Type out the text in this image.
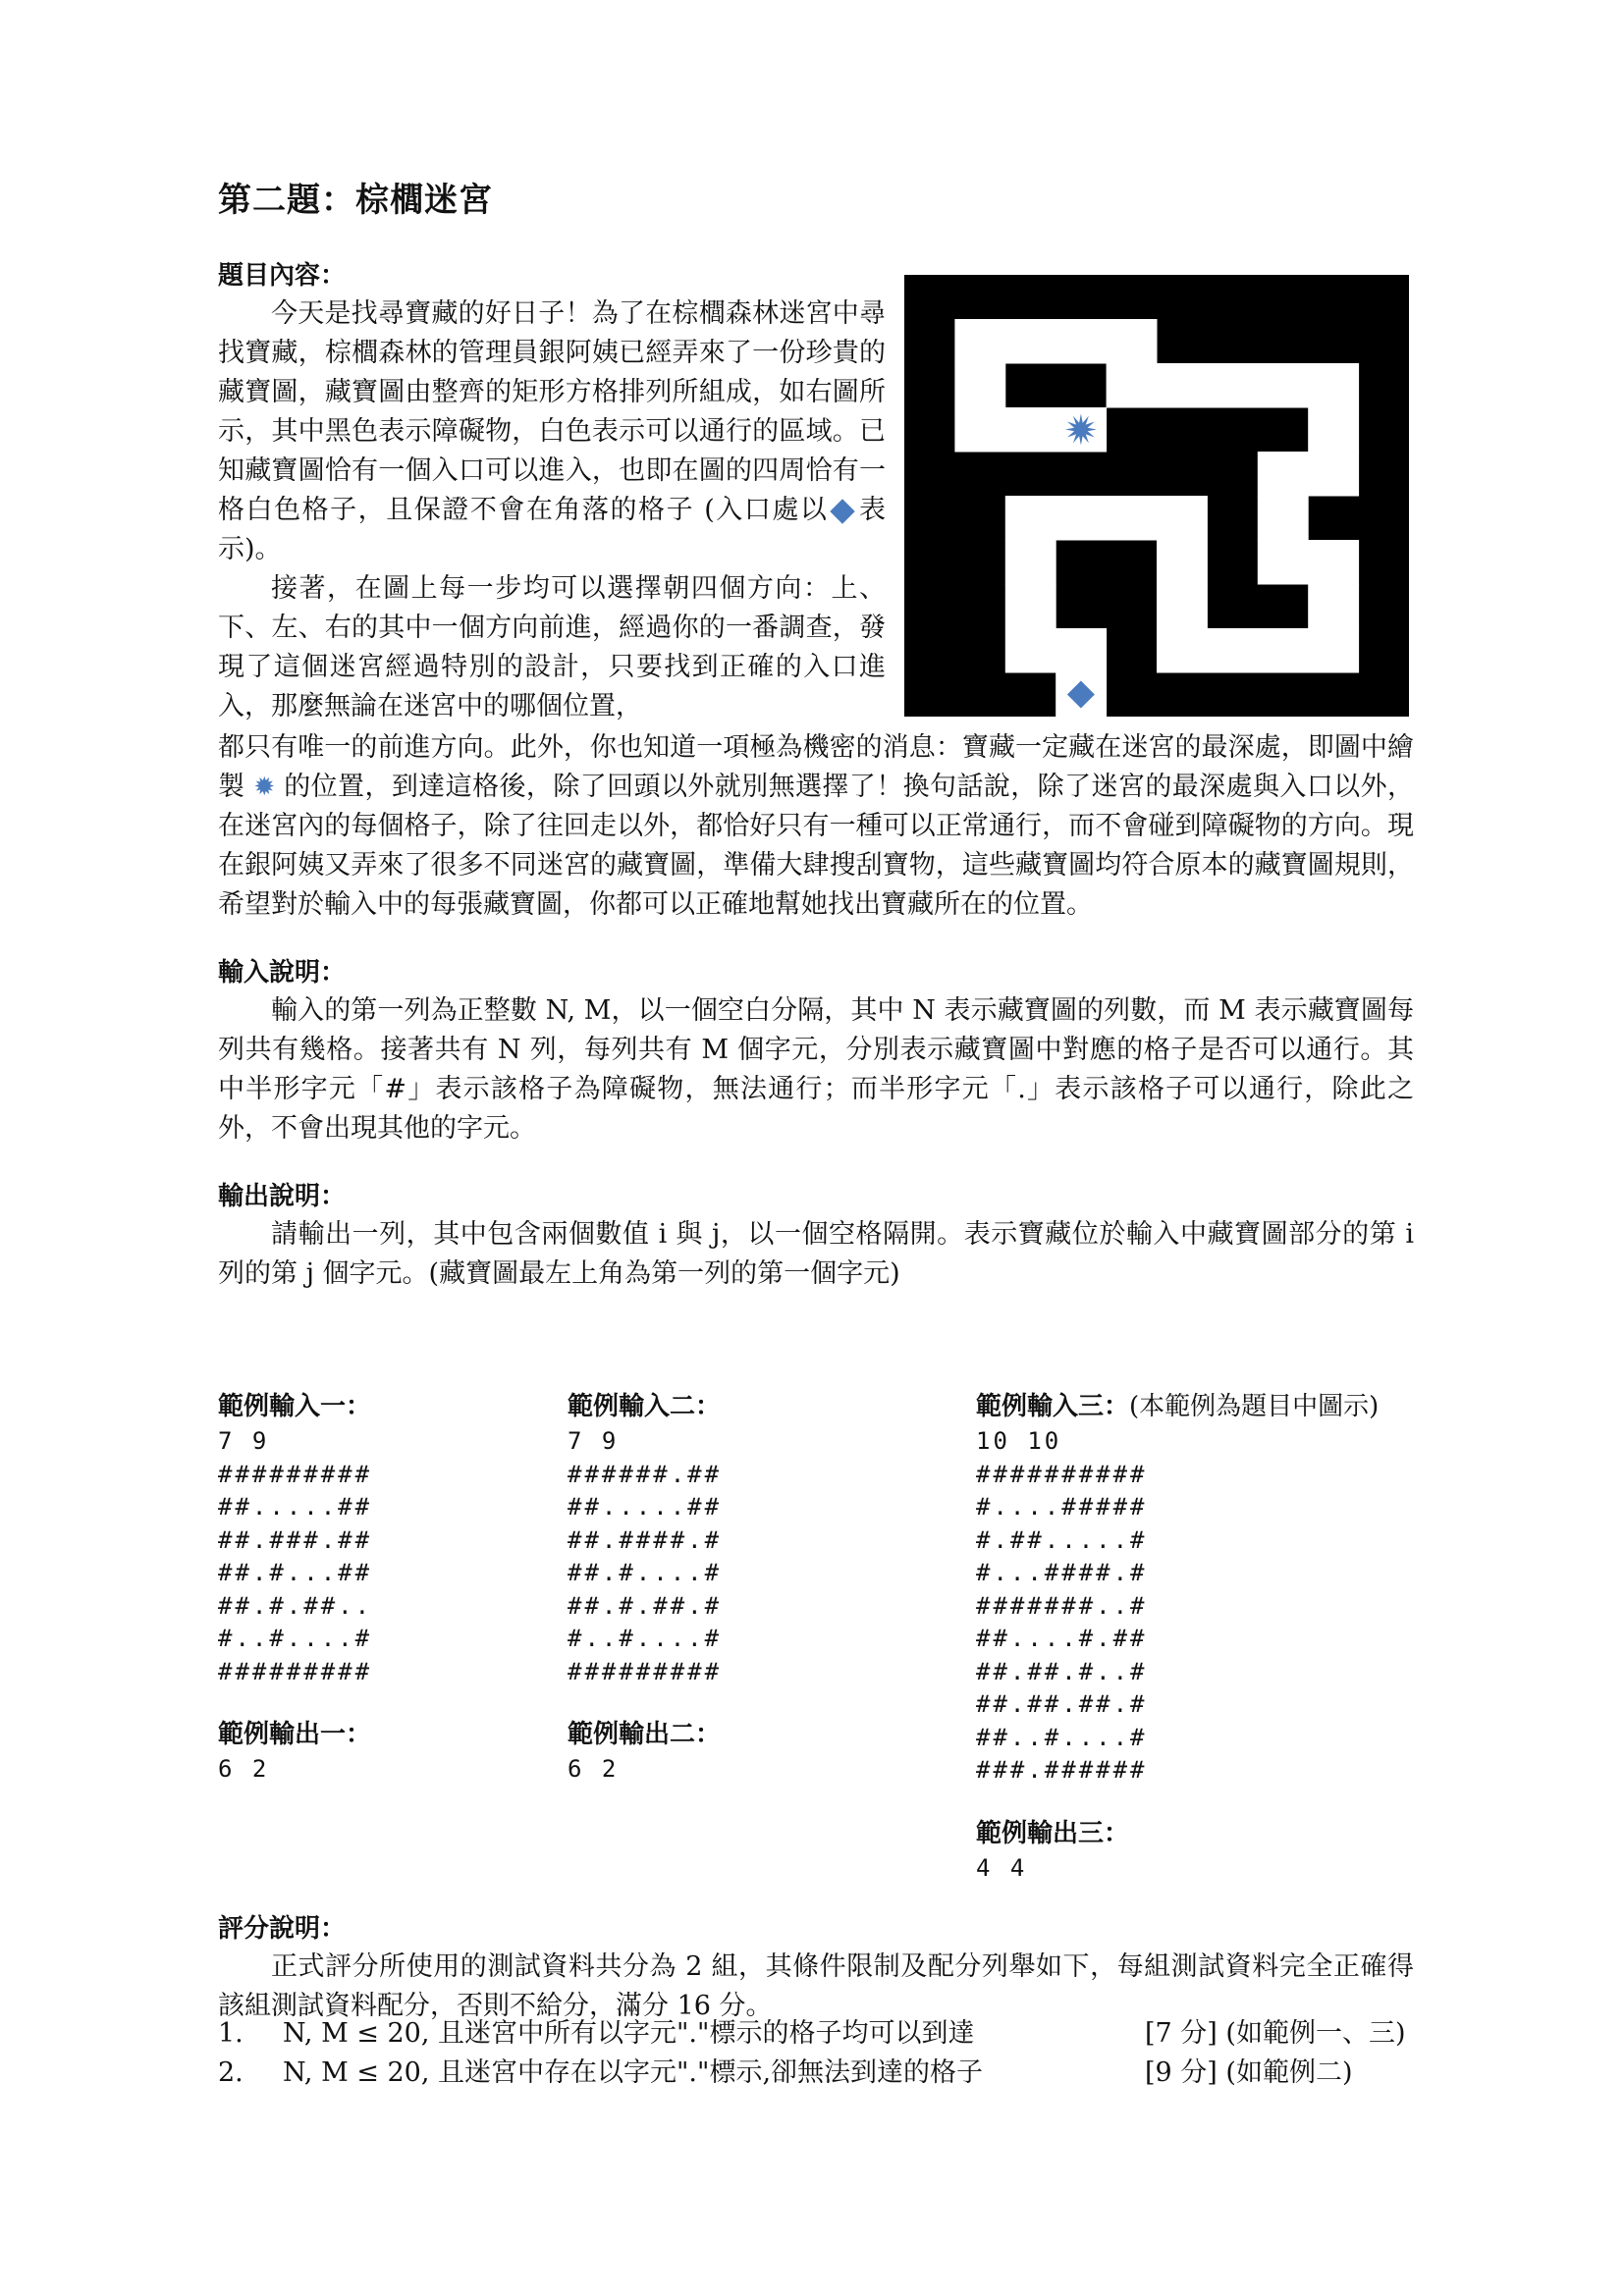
第二題：棕櫚迷宮

題目內容：

今天是找尋寶藏的好日子！為了在棕櫚森林迷宮中尋找寶藏，棕櫚森林的管理員銀阿姨已經弄來了一份珍貴的藏寶圖，藏寶圖由整齊的矩形方格排列所組成，如右圖所示，其中黑色表示障礙物，白色表示可以通行的區域。已知藏寶圖恰有一個入口可以進入，也即在圖的四周恰有一格白色格子，且保證不會在角落的格子 (入口處以 表示)。

接著，在圖上每一步均可以選擇朝四個方向：上、下、左、右的其中一個方向前進，經過你的一番調查，發現了這個迷宮經過特別的設計，只要找到正確的入口進入，那麼無論在迷宮中的哪個位置，

都只有唯一的前進方向。此外，你也知道一項極為機密的消息：寶藏一定藏在迷宮的最深處，即圖中繪製 ✹ 的位置，到達這格後，除了回頭以外就別無選擇了！換句話說，除了迷宮的最深處與入口以外，在迷宮內的每個格子，除了往回走以外，都恰好只有一種可以正常通行，而不會碰到障礙物的方向。現在銀阿姨又弄來了很多不同迷宮的藏寶圖，準備大肆搜刮寶物，這些藏寶圖均符合原本的藏寶圖規則，希望對於輸入中的每張藏寶圖，你都可以正確地幫她找出寶藏所在的位置。

輸入說明：

輸入的第一列為正整數 N, M，以一個空白分隔，其中 N 表示藏寶圖的列數，而 M 表示藏寶圖每列共有幾格。接著共有 N 列，每列共有 M 個字元，分別表示藏寶圖中對應的格子是否可以通行。其中半形字元「#」表示該格子為障礙物，無法通行；而半形字元「.」表示該格子可以通行，除此之外，不會出現其他的字元。

輸出說明：

請輸出一列，其中包含兩個數值 i 與 j，以一個空格隔開。表示寶藏位於輸入中藏寶圖部分的第 i 列的第 j 個字元。(藏寶圖最左上角為第一列的第一個字元)

範例輸入一：

7 9
#########
##.....##
##.###.##
##.#...##
##.#.##..
#..#....#
#########

範例輸出一：

6 2

範例輸入二：

7 9
######.##
##.....##
##.####.#
##.#....#
##.#.##.#
#..#....#
#########

範例輸出二：

6 2

範例輸入三：(本範例為題目中圖示)

10 10
##########
#....#####
#.##.....#
#...####.#
#######..#
##....#.##
##.##.#..#
##.##.##.#
##..#....#
###.######

範例輸出三：

4 4

評分說明：

正式評分所使用的測試資料共分為 2 組，其條件限制及配分列舉如下，每組測試資料完全正確得該組測試資料配分，否則不給分，滿分 16 分。

1. N, M ≤ 20, 且迷宮中所有以字元"."標示的格子均可以到達	[7 分] (如範例一、三)
2. N, M ≤ 20, 且迷宮中存在以字元"."標示,卻無法到達的格子	[9 分] (如範例二)
